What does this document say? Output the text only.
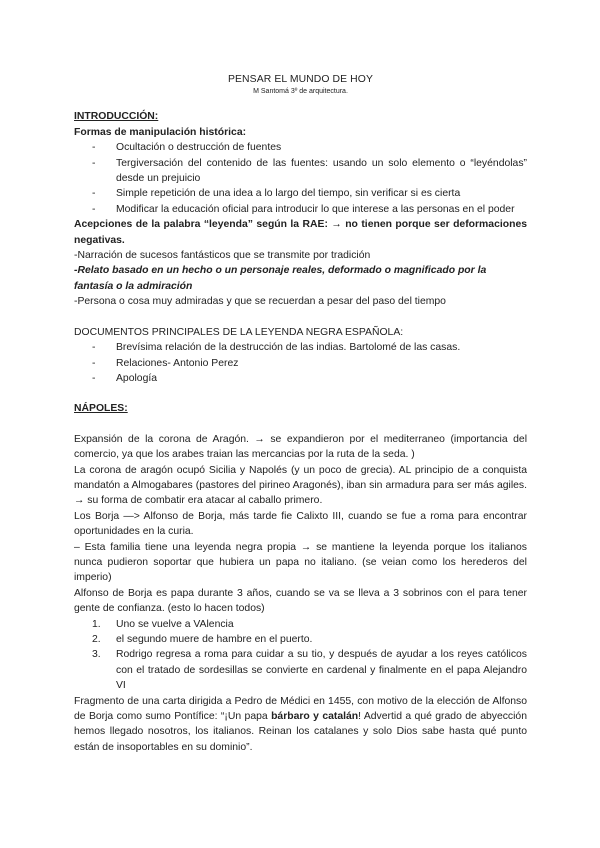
PENSAR EL MUNDO DE HOY
M Santomá 3º de arquitectura.
INTRODUCCIÓN:
Formas de manipulación histórica:
- Ocultación o destrucción de fuentes
- Tergiversación del contenido de las fuentes: usando un solo elemento o “leyéndolas” desde un prejuicio
- Simple repetición de una idea a lo largo del tiempo, sin verificar si es cierta
- Modificar la educación oficial para introducir lo que interese a las personas en el poder

Acepciones de la palabra “leyenda” según la RAE: → no tienen porque ser deformaciones negativas.

-Narración de sucesos fantásticos que se transmite por tradición

-Relato basado en un hecho o un personaje reales, deformado o magnificado por la fantasía o la admiración

-Persona o cosa muy admiradas y que se recuerdan a pesar del paso del tiempo

DOCUMENTOS PRINCIPALES DE LA LEYENDA NEGRA ESPAÑOLA:
- Brevísima relación de la destrucción de las indias. Bartolomé de las casas.
- Relaciones- Antonio Perez
- Apología
NÁPOLES:

Expansión de la corona de Aragón. → se expandieron por el mediterraneo (importancia del comercio, ya que los arabes traian las mercancias por la ruta de la seda. )

La corona de aragón ocupó Sicilia y Napolés (y un poco de grecia). AL principio de a conquista mandatón a Almogabares (pastores del pirineo Aragonés), iban sin armadura para ser más agiles. → su forma de combatir era atacar al caballo primero.

Los Borja —> Alfonso de Borja, más tarde fie Calixto III, cuando se fue a roma para encontrar oportunidades en la curia.

– Esta familia tiene una leyenda negra propia → se mantiene la leyenda porque los italianos nunca pudieron soportar que hubiera un papa no italiano. (se veian como los herederos del imperio)

Alfonso de Borja es papa durante 3 años, cuando se va se lleva a 3 sobrinos con el para tener gente de confianza. (esto lo hacen todos)

1. Uno se vuelve a VAlencia
2. el segundo muere de hambre en el puerto.
3. Rodrigo regresa a roma para cuidar a su tio, y después de ayudar a los reyes católicos con el tratado de sordesillas se convierte en cardenal y finalmente en el papa Alejandro VI

Fragmento de una carta dirigida a Pedro de Médici en 1455, con motivo de la elección de Alfonso de Borja como sumo Pontífice: “¡Un papa bárbaro y catalán! Advertid a qué grado de abyección hemos llegado nosotros, los italianos. Reinan los catalanes y solo Dios sabe hasta qué punto están de insoportables en su dominio”.
